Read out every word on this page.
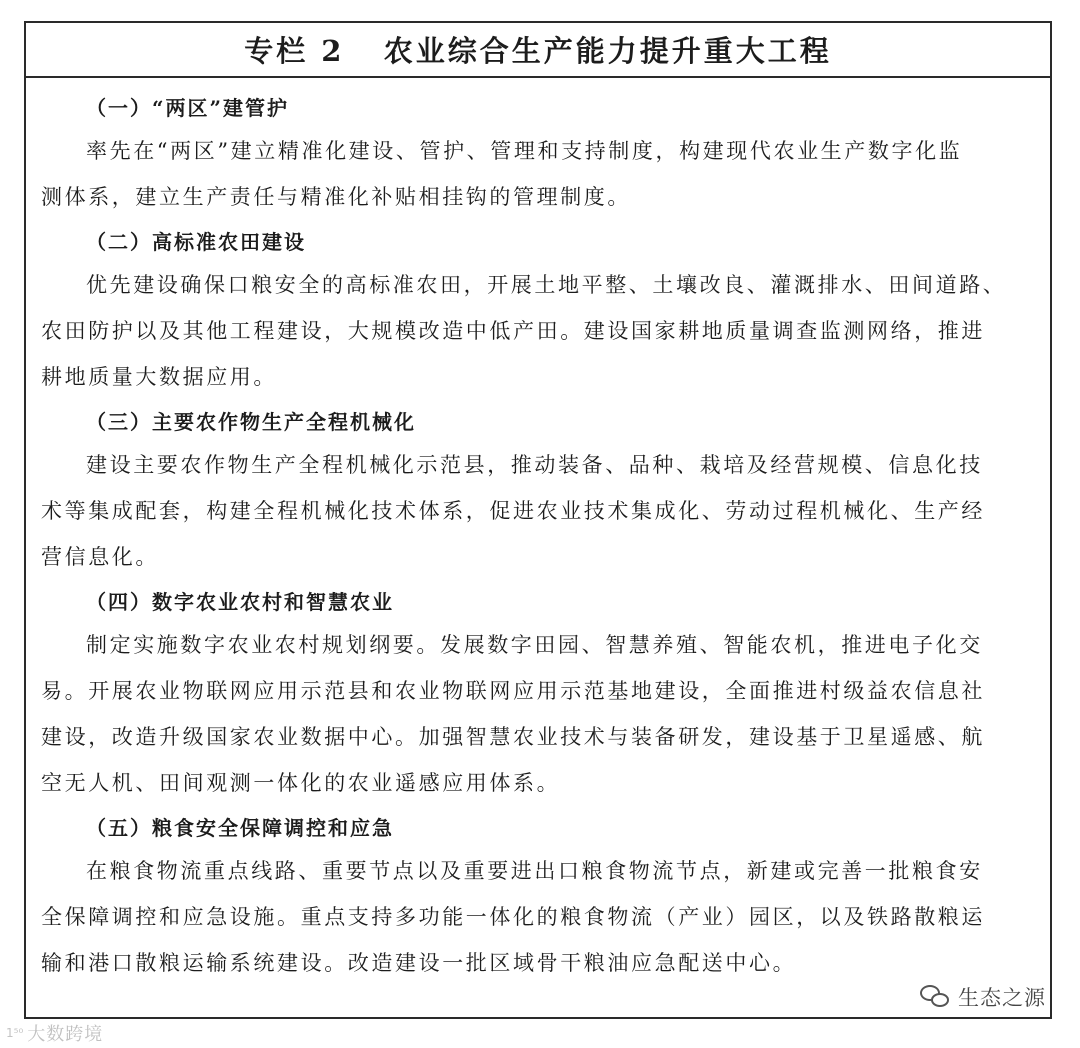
专栏 2   农业综合生产能力提升重大工程
（一）“两区”建管护
率先在“两区”建立精准化建设、管护、管理和支持制度，构建现代农业生产数字化监
测体系，建立生产责任与精准化补贴相挂钩的管理制度。
（二）高标准农田建设
优先建设确保口粮安全的高标准农田，开展土地平整、土壤改良、灌溉排水、田间道路、
农田防护以及其他工程建设，大规模改造中低产田。建设国家耕地质量调查监测网络，推进
耕地质量大数据应用。
（三）主要农作物生产全程机械化
建设主要农作物生产全程机械化示范县，推动装备、品种、栽培及经营规模、信息化技
术等集成配套，构建全程机械化技术体系，促进农业技术集成化、劳动过程机械化、生产经
营信息化。
（四）数字农业农村和智慧农业
制定实施数字农业农村规划纲要。发展数字田园、智慧养殖、智能农机，推进电子化交
易。开展农业物联网应用示范县和农业物联网应用示范基地建设，全面推进村级益农信息社
建设，改造升级国家农业数据中心。加强智慧农业技术与装备研发，建设基于卫星遥感、航
空无人机、田间观测一体化的农业遥感应用体系。
（五）粮食安全保障调控和应急
在粮食物流重点线路、重要节点以及重要进出口粮食物流节点，新建或完善一批粮食安
全保障调控和应急设施。重点支持多功能一体化的粮食物流（产业）园区，以及铁路散粮运
输和港口散粮运输系统建设。改造建设一批区域骨干粮油应急配送中心。
生态之源
1⁵⁰ 大数跨境
